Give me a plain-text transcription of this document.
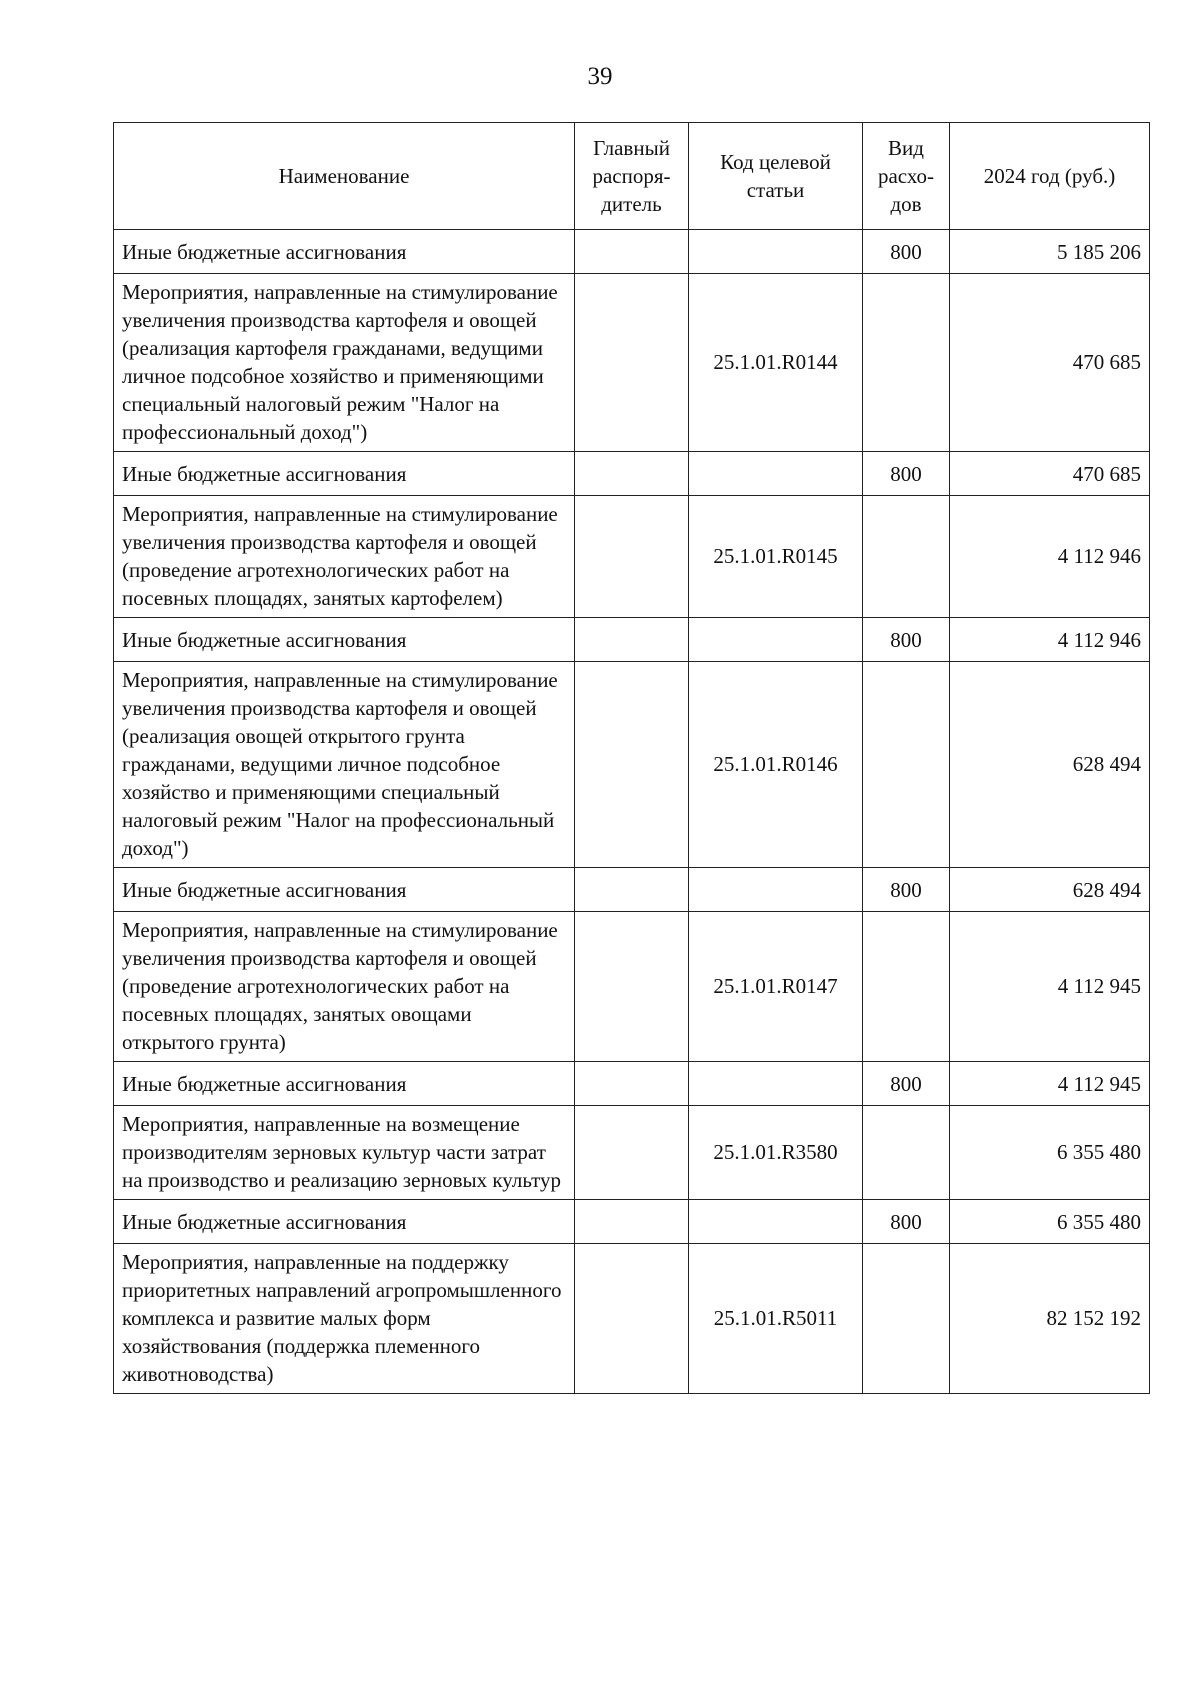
39
Наименование	Главный распоря-дитель	Код целевой статьи	Вид расхо-дов	2024 год (руб.)
Иные бюджетные ассигнования			800	5 185 206
Мероприятия, направленные на стимулирование увеличения производства картофеля и овощей (реализация картофеля гражданами, ведущими личное подсобное хозяйство и применяющими специальный налоговый режим "Налог на профессиональный доход")		25.1.01.R0144		470 685
Иные бюджетные ассигнования			800	470 685
Мероприятия, направленные на стимулирование увеличения производства картофеля и овощей (проведение агротехнологических работ на посевных площадях, занятых картофелем)		25.1.01.R0145		4 112 946
Иные бюджетные ассигнования			800	4 112 946
Мероприятия, направленные на стимулирование увеличения производства картофеля и овощей (реализация овощей открытого грунта гражданами, ведущими личное подсобное хозяйство и применяющими специальный налоговый режим "Налог на профессиональный доход")		25.1.01.R0146		628 494
Иные бюджетные ассигнования			800	628 494
Мероприятия, направленные на стимулирование увеличения производства картофеля и овощей (проведение агротехнологических работ на посевных площадях, занятых овощами открытого грунта)		25.1.01.R0147		4 112 945
Иные бюджетные ассигнования			800	4 112 945
Мероприятия, направленные на возмещение производителям зерновых культур части затрат на производство и реализацию зерновых культур		25.1.01.R3580		6 355 480
Иные бюджетные ассигнования			800	6 355 480
Мероприятия, направленные на поддержку приоритетных направлений агропромышленного комплекса и развитие малых форм хозяйствования (поддержка племенного животноводства)		25.1.01.R5011		82 152 192
